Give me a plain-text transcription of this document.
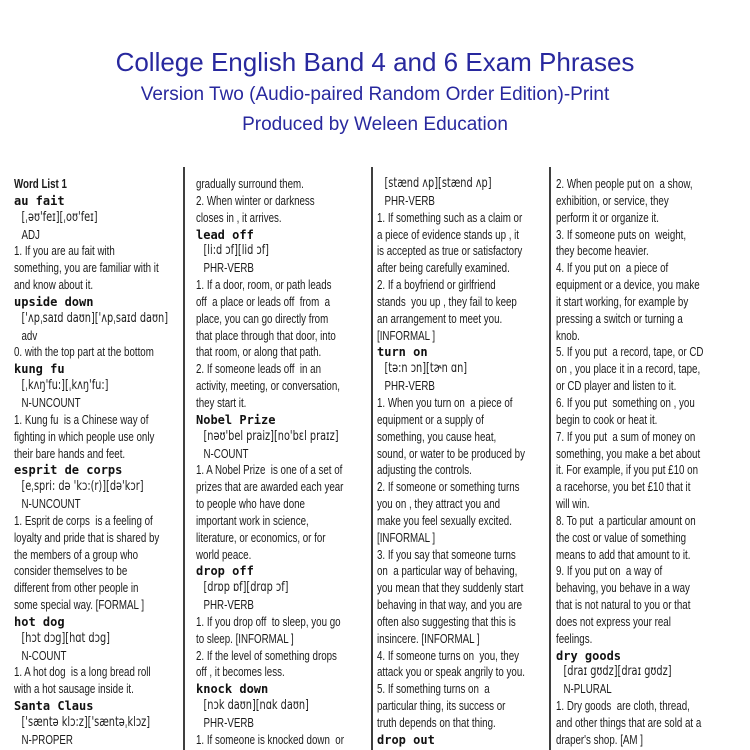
College English Band 4 and 6 Exam Phrases
Version Two (Audio-paired Random Order Edition)-Print
Produced by Weleen Education
Word List 1
au fait
[ˌəʊ'feɪ][ˌoʊ'feɪ]
ADJ
1. If you are au fait with
something, you are familiar with it
and know about it.
upside down
['ʌpˌsaɪd daʊn]['ʌpˌsaɪd daʊn]
adv
0. with the top part at the bottom
kung fu
[ˌkʌŋ'fu:][ˌkʌŋ'fu:]
N-UNCOUNT
1. Kung fu  is a Chinese way of
fighting in which people use only
their bare hands and feet.
esprit de corps
[eˌspri: də 'kɔ:(r)][də'kɔr]
N-UNCOUNT
1. Esprit de corps  is a feeling of
loyalty and pride that is shared by
the members of a group who
consider themselves to be
different from other people in
some special way. [FORMAL ]
hot dog
[hɔt dɔg][hɑt dɔg]
N-COUNT
1. A hot dog  is a long bread roll
with a hot sausage inside it.
Santa Claus
['sæntə klɔ:z]['sæntəˌklɔz]
N-PROPER
gradually surround them.
2. When winter or darkness
closes in , it arrives.
lead off
[li:d ɔf][lid ɔf]
PHR-VERB
1. If a door, room, or path leads
off  a place or leads off  from  a
place, you can go directly from
that place through that door, into
that room, or along that path.
2. If someone leads off  in an
activity, meeting, or conversation,
they start it.
Nobel Prize
[nəʊ'bel praiz][no'bɛl praɪz]
N-COUNT
1. A Nobel Prize  is one of a set of
prizes that are awarded each year
to people who have done
important work in science,
literature, or economics, or for
world peace.
drop off
[drɒp ɒf][drɑp ɔf]
PHR-VERB
1. If you drop off  to sleep, you go
to sleep. [INFORMAL ]
2. If the level of something drops
off , it becomes less.
knock down
[nɔk daʊn][nɑk daʊn]
PHR-VERB
1. If someone is knocked down  or
[stænd ʌp][stænd ʌp]
PHR-VERB
1. If something such as a claim or
a piece of evidence stands up , it
is accepted as true or satisfactory
after being carefully examined.
2. If a boyfriend or girlfriend
stands  you up , they fail to keep
an arrangement to meet you.
[INFORMAL ]
turn on
[tə:n ɔn][tɚn ɑn]
PHR-VERB
1. When you turn on  a piece of
equipment or a supply of
something, you cause heat,
sound, or water to be produced by
adjusting the controls.
2. If someone or something turns
you on , they attract you and
make you feel sexually excited.
[INFORMAL ]
3. If you say that someone turns
on  a particular way of behaving,
you mean that they suddenly start
behaving in that way, and you are
often also suggesting that this is
insincere. [INFORMAL ]
4. If someone turns on  you, they
attack you or speak angrily to you.
5. If something turns on  a
particular thing, its success or
truth depends on that thing.
drop out
2. When people put on  a show,
exhibition, or service, they
perform it or organize it.
3. If someone puts on  weight,
they become heavier.
4. If you put on  a piece of
equipment or a device, you make
it start working, for example by
pressing a switch or turning a
knob.
5. If you put  a record, tape, or CD
on , you place it in a record, tape,
or CD player and listen to it.
6. If you put  something on , you
begin to cook or heat it.
7. If you put  a sum of money on
something, you make a bet about
it. For example, if you put £10 on
a racehorse, you bet £10 that it
will win.
8. To put  a particular amount on
the cost or value of something
means to add that amount to it.
9. If you put on  a way of
behaving, you behave in a way
that is not natural to you or that
does not express your real
feelings.
dry goods
[draɪ gʊdz][draɪ gʊdz]
N-PLURAL
1. Dry goods  are cloth, thread,
and other things that are sold at a
draper's shop. [AM ]
